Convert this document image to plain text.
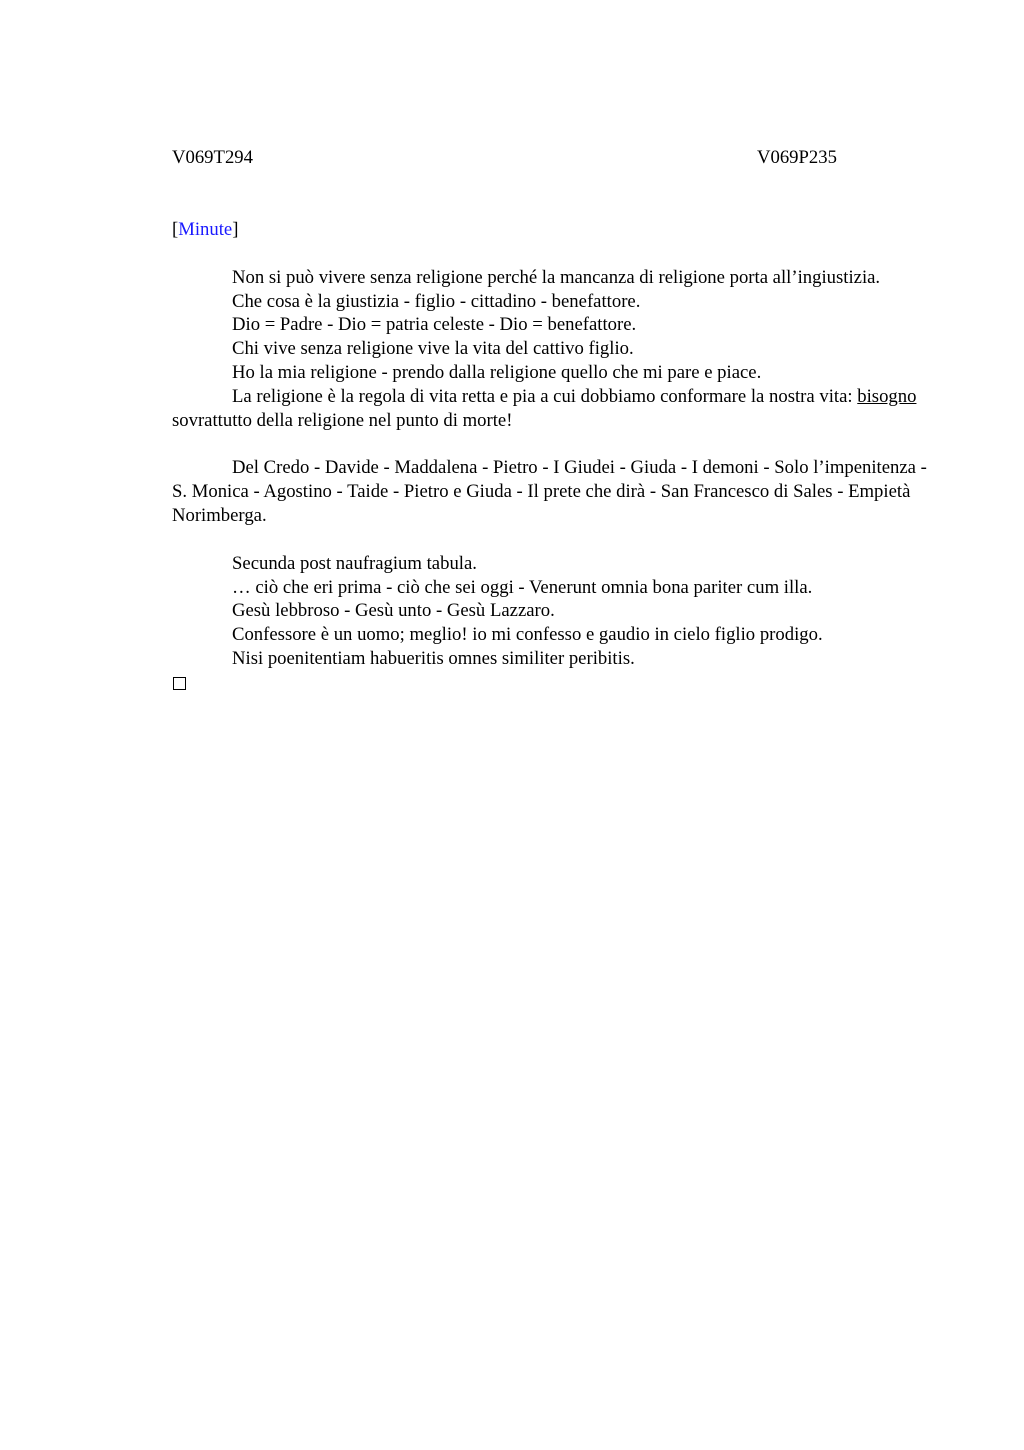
V069T294	V069P235
[Minute]

Non si può vivere senza religione perché la mancanza di religione porta all’ingiustizia.

Che cosa è la giustizia - figlio - cittadino - benefattore.

Dio = Padre - Dio = patria celeste - Dio = benefattore.

Chi vive senza religione vive la vita del cattivo figlio.

Ho la mia religione - prendo dalla religione quello che mi pare e piace.

La religione è la regola di vita retta e pia a cui dobbiamo conformare la nostra vita: bisogno sovrattutto della religione nel punto di morte!

Del Credo - Davide - Maddalena - Pietro - I Giudei - Giuda - I demoni - Solo l’impenitenza - S. Monica - Agostino - Taide - Pietro e Giuda - Il prete che dirà - San Francesco di Sales - Empietà Norimberga.

Secunda post naufragium tabula.

… ciò che eri prima - ciò che sei oggi - Venerunt omnia bona pariter cum illa.

Gesù lebbroso - Gesù unto - Gesù Lazzaro.

Confessore è un uomo; meglio! io mi confesso e gaudio in cielo figlio prodigo.

Nisi poenitentiam habueritis omnes similiter peribitis.
